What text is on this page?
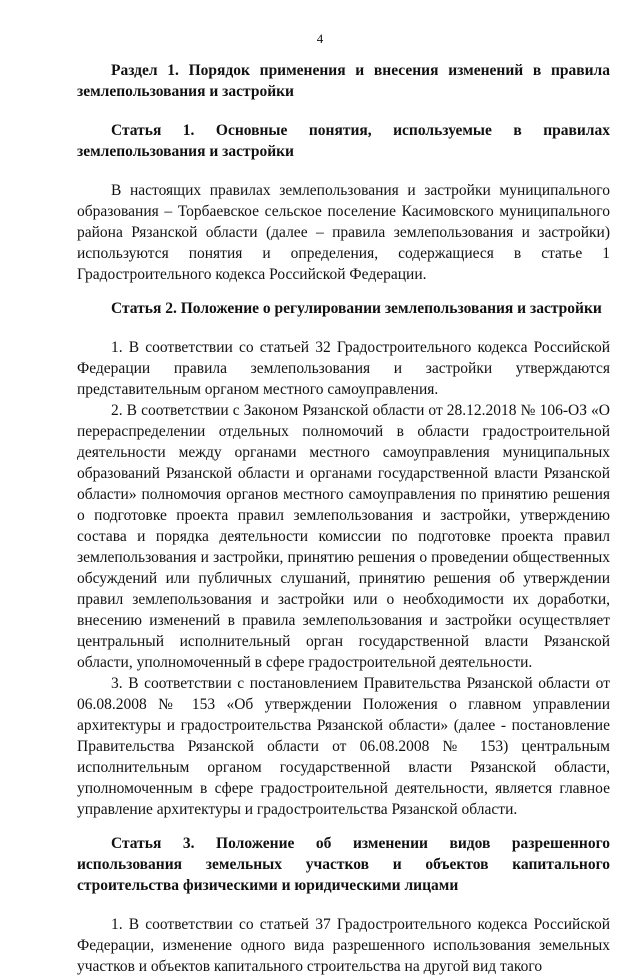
4

Раздел 1. Порядок применения и внесения изменений в правила землепользования и застройки

Статья 1. Основные понятия, используемые в правилах землепользования и застройки

В настоящих правилах землепользования и застройки муниципального образования – Торбаевское сельское поселение Касимовского муниципального района Рязанской области (далее – правила землепользования и застройки) используются понятия и определения, содержащиеся в статье 1 Градостроительного кодекса Российской Федерации.

Статья 2. Положение о регулировании землепользования и застройки

1. В соответствии со статьей 32 Градостроительного кодекса Российской Федерации правила землепользования и застройки утверждаются представительным органом местного самоуправления.

2. В соответствии с Законом Рязанской области от 28.12.2018 № 106-ОЗ «О перераспределении отдельных полномочий в области градостроительной деятельности между органами местного самоуправления муниципальных образований Рязанской области и органами государственной власти Рязанской области» полномочия органов местного самоуправления по принятию решения о подготовке проекта правил землепользования и застройки, утверждению состава и порядка деятельности комиссии по подготовке проекта правил землепользования и застройки, принятию решения о проведении общественных обсуждений или публичных слушаний, принятию решения об утверждении правил землепользования и застройки или о необходимости их доработки, внесению изменений в правила землепользования и застройки осуществляет центральный исполнительный орган государственной власти Рязанской области, уполномоченный в сфере градостроительной деятельности.

3. В соответствии с постановлением Правительства Рязанской области от 06.08.2008 № 153 «Об утверждении Положения о главном управлении архитектуры и градостроительства Рязанской области» (далее - постановление Правительства Рязанской области от 06.08.2008 № 153) центральным исполнительным органом государственной власти Рязанской области, уполномоченным в сфере градостроительной деятельности, является главное управление архитектуры и градостроительства Рязанской области.

Статья 3. Положение об изменении видов разрешенного использования земельных участков и объектов капитального строительства физическими и юридическими лицами

1. В соответствии со статьей 37 Градостроительного кодекса Российской Федерации, изменение одного вида разрешенного использования земельных участков и объектов капитального строительства на другой вид такого
